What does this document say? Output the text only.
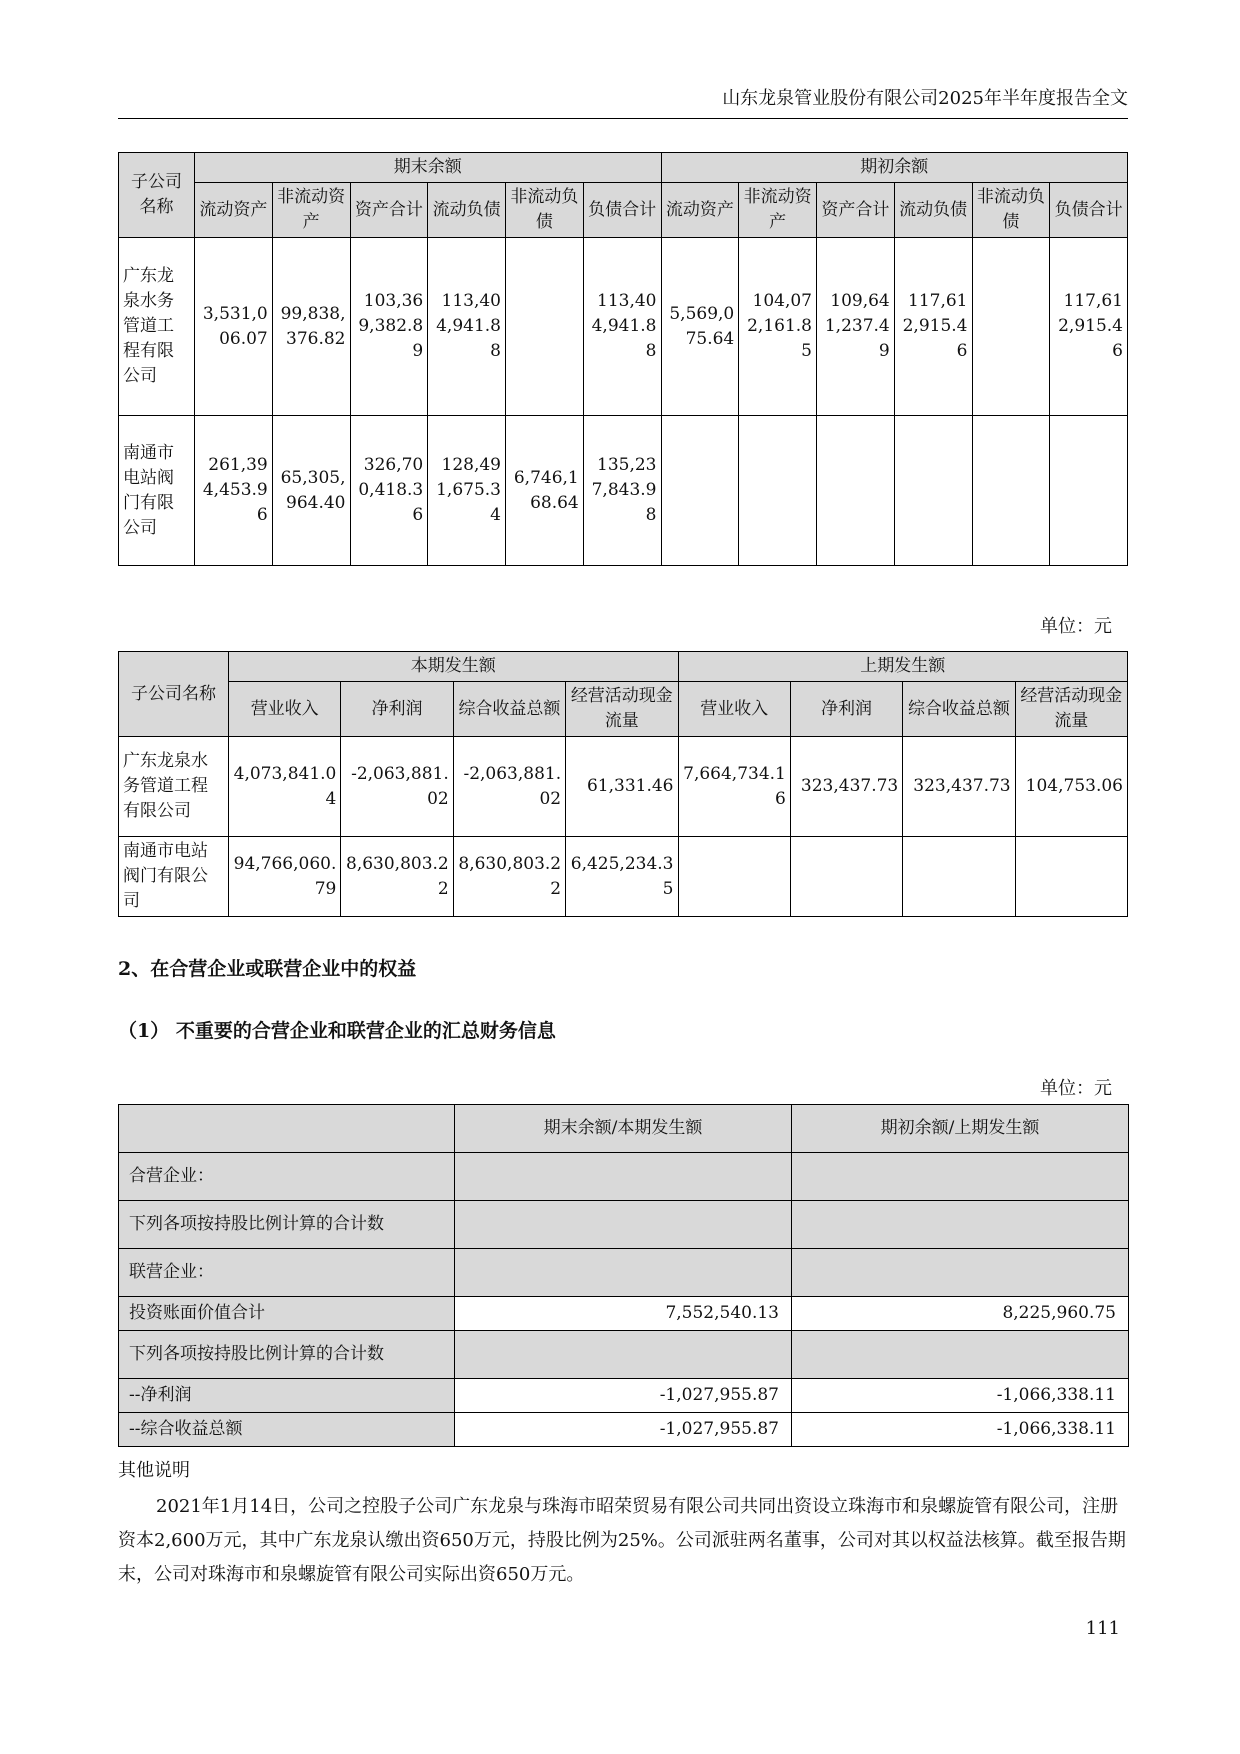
山东龙泉管业股份有限公司2025年半年度报告全文
子公司名称	期末余额						期初余额					
	流动资产	非流动资产	资产合计	流动负债	非流动负债	负债合计	流动资产	非流动资产	资产合计	流动负债	非流动负债	负债合计
广东龙泉水务管道工程有限公司	3,531,006.07	99,838,376.82	103,369,382.89	113,404,941.88		113,404,941.88	5,569,075.64	104,072,161.85	109,641,237.49	117,612,915.46		117,612,915.46
南通市电站阀门有限公司	261,394,453.96	65,305,964.40	326,700,418.36	128,491,675.34	6,746,168.64	135,237,843.98						
单位：元
子公司名称	本期发生额				上期发生额			
	营业收入	净利润	综合收益总额	经营活动现金流量	营业收入	净利润	综合收益总额	经营活动现金流量
广东龙泉水务管道工程有限公司	4,073,841.04	-2,063,881.02	-2,063,881.02	61,331.46	7,664,734.16	323,437.73	323,437.73	104,753.06
南通市电站阀门有限公司	94,766,060.79	8,630,803.22	8,630,803.22	6,425,234.35				
2、在合营企业或联营企业中的权益
（1） 不重要的合营企业和联营企业的汇总财务信息
单位：元
	期末余额/本期发生额	期初余额/上期发生额
合营企业：		
下列各项按持股比例计算的合计数		
联营企业：		
投资账面价值合计	7,552,540.13	8,225,960.75
下列各项按持股比例计算的合计数		
--净利润	-1,027,955.87	-1,066,338.11
--综合收益总额	-1,027,955.87	-1,066,338.11
其他说明
2021年1月14日，公司之控股子公司广东龙泉与珠海市昭荣贸易有限公司共同出资设立珠海市和泉螺旋管有限公司，注册资本2,600万元，其中广东龙泉认缴出资650万元，持股比例为25%。公司派驻两名董事，公司对其以权益法核算。截至报告期末，公司对珠海市和泉螺旋管有限公司实际出资650万元。
111
